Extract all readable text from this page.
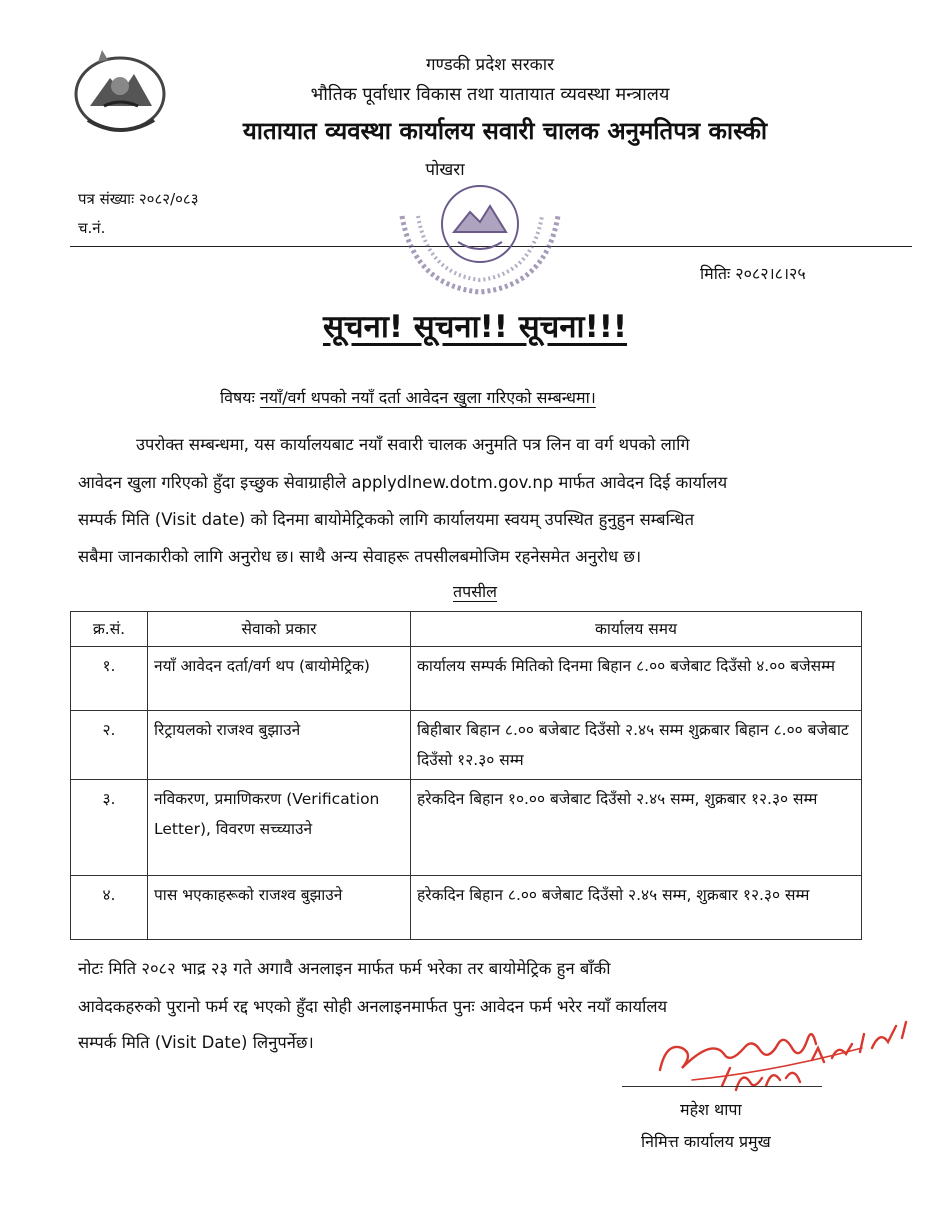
गण्डकी प्रदेश सरकार
भौतिक पूर्वाधार विकास तथा यातायात व्यवस्था मन्त्रालय
यातायात व्यवस्था कार्यालय सवारी चालक अनुमतिपत्र कास्की
पोखरा
पत्र संख्याः २०८२/०८३
च.नं.
मितिः २०८२।८।२५
सूचना! सूचना!! सूचना!!!
विषयः नयाँ/वर्ग थपको नयाँ दर्ता आवेदन खुला गरिएको सम्बन्धमा।
उपरोक्त सम्बन्धमा, यस कार्यालयबाट नयाँ सवारी चालक अनुमति पत्र लिन वा वर्ग थपको लागि
आवेदन खुला गरिएको हुँदा इच्छुक सेवाग्राहीले applydlnew.dotm.gov.np मार्फत आवेदन दिई कार्यालय
सम्पर्क मिति (Visit date) को दिनमा बायोमेट्रिकको लागि कार्यालयमा स्वयम् उपस्थित हुनुहुन सम्बन्धित
सबैमा जानकारीको लागि अनुरोध छ। साथै अन्य सेवाहरू तपसीलबमोजिम रहनेसमेत अनुरोध छ।
तपसील
क्र.सं.	सेवाको प्रकार	कार्यालय समय
१.	नयाँ आवेदन दर्ता/वर्ग थप (बायोमेट्रिक)	कार्यालय सम्पर्क मितिको दिनमा बिहान ८.०० बजेबाट दिउँसो ४.०० बजेसम्म
२.	रिट्रायलको राजश्व बुझाउने	बिहीबार बिहान ८.०० बजेबाट दिउँसो २.४५ सम्म शुक्रबार बिहान ८.०० बजेबाट दिउँसो १२.३० सम्म
३.	नविकरण, प्रमाणिकरण (Verification Letter), विवरण सच्च्याउने	हरेकदिन बिहान १०.०० बजेबाट दिउँसो २.४५ सम्म, शुक्रबार १२.३० सम्म
४.	पास भएकाहरूको राजश्व बुझाउने	हरेकदिन बिहान ८.०० बजेबाट दिउँसो २.४५ सम्म, शुक्रबार १२.३० सम्म
नोटः मिति २०८२ भाद्र २३ गते अगावै अनलाइन मार्फत फर्म भरेका तर बायोमेट्रिक हुन बाँकी
आवेदकहरुको पुरानो फर्म रद्द भएको हुँदा सोही अनलाइनमार्फत पुनः आवेदन फर्म भरेर नयाँ कार्यालय
सम्पर्क मिति (Visit Date) लिनुपर्नेछ।
महेश थापा
निमित्त कार्यालय प्रमुख
